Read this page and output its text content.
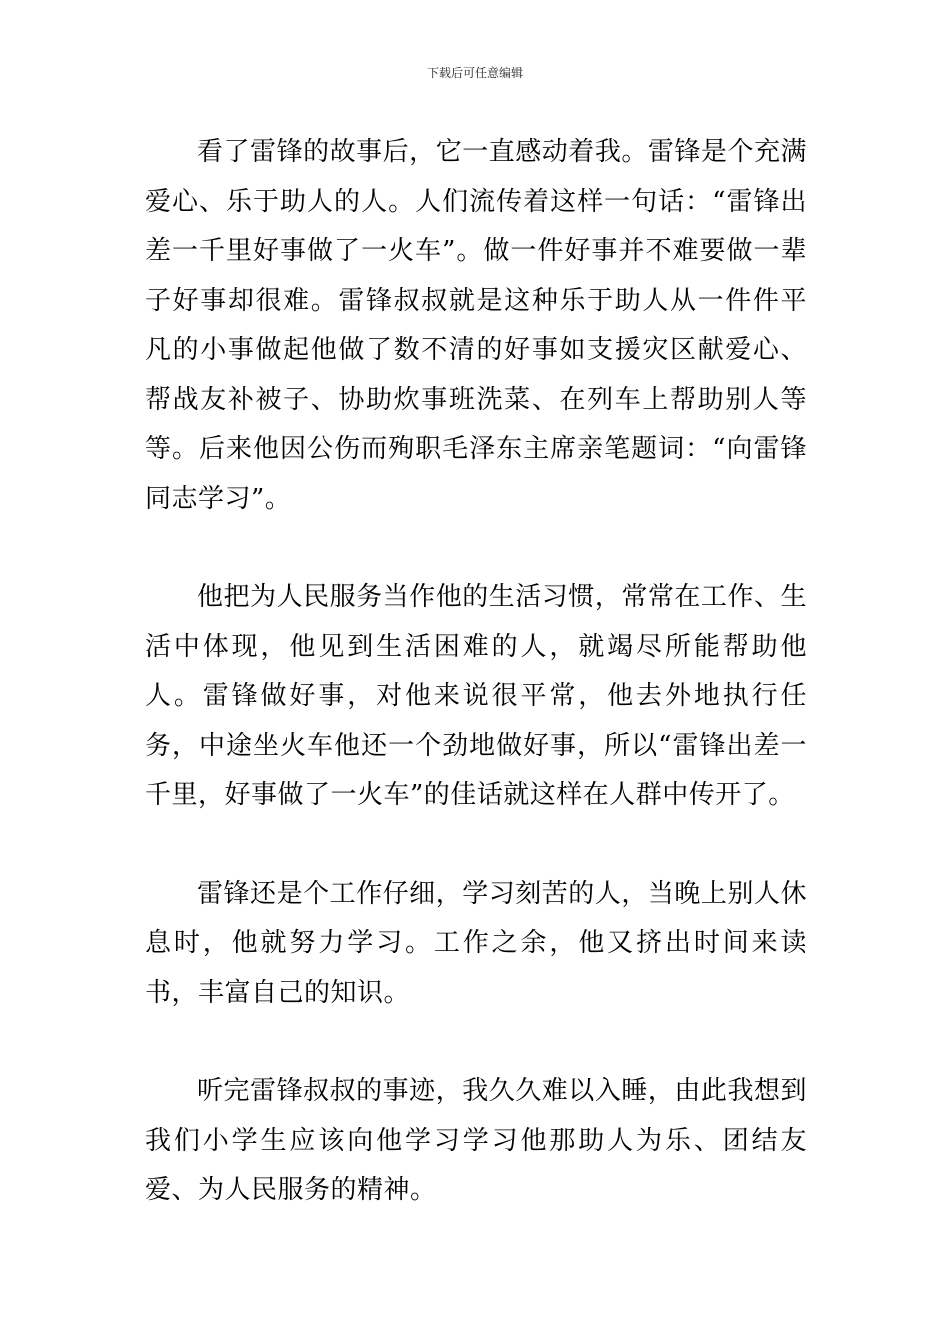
下载后可任意编辑

看了雷锋的故事后，它一直感动着我。雷锋是个充满爱心、乐于助人的人。人们流传着这样一句话：“雷锋出差一千里好事做了一火车”。做一件好事并不难要做一辈子好事却很难。雷锋叔叔就是这种乐于助人从一件件平凡的小事做起他做了数不清的好事如支援灾区献爱心、帮战友补被子、协助炊事班洗菜、在列车上帮助别人等等。后来他因公伤而殉职毛泽东主席亲笔题词：“向雷锋同志学习”。

他把为人民服务当作他的生活习惯，常常在工作、生活中体现，他见到生活困难的人，就竭尽所能帮助他人。雷锋做好事，对他来说很平常，他去外地执行任务，中途坐火车他还一个劲地做好事，所以“雷锋出差一千里，好事做了一火车”的佳话就这样在人群中传开了。

雷锋还是个工作仔细，学习刻苦的人，当晚上别人休息时，他就努力学习。工作之余，他又挤出时间来读书，丰富自己的知识。

听完雷锋叔叔的事迹，我久久难以入睡，由此我想到我们小学生应该向他学习学习他那助人为乐、团结友爱、为人民服务的精神。
